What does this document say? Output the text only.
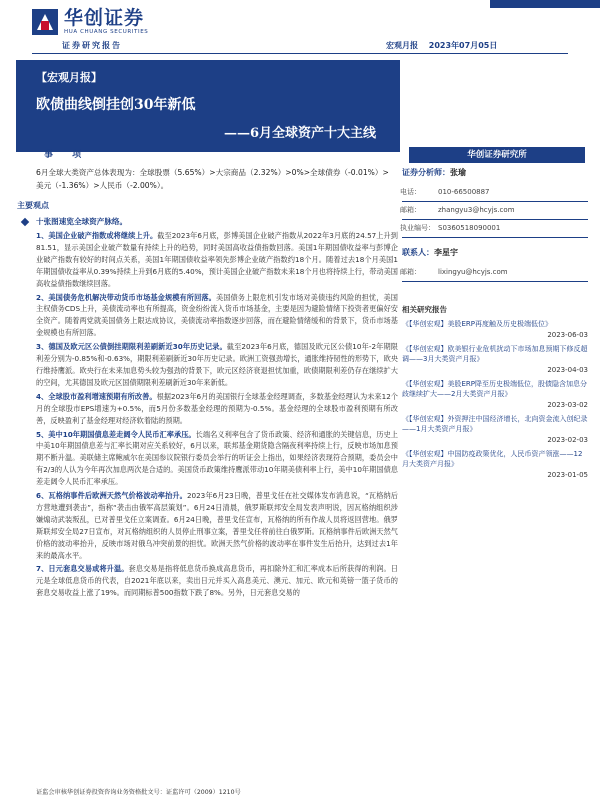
华创证券
HUA CHUANG SECURITIES
证券研究报告	宏观月报 2023年07月05日
【宏观月报】
欧债曲线倒挂创30年新低
——6月全球资产十大主线
事 项	华创证券研究所
6月全球大类资产总体表现为：全球股票（5.65%）>大宗商品（2.32%）>0%>全球债券（-0.01%）>美元（-1.36%）>人民币（-2.00%）。
主要观点
十张图速览全球资产脉络。
1、美国企业破产指数或将继续上升。截至2023年6月底，彭博美国企业破产指数从2022年3月底的24.57上升到81.51，显示美国企业破产数量有持续上升的趋势，同时美国高收益债指数回落。美国1年期国债收益率与彭博企业破产指数有较好的时间点关系，美国1年期国债收益率领先彭博企业破产指数约18个月。随着过去18个月美国1年期国债收益率从0.39%持续上升到6月底的5.40%，预计美国企业破产指数未来18个月也将持续上行，带动美国高收益债指数继续回落。
2、美国债务危机解决带动货币市场基金规模有所回落。美国债务上限危机引发市场对美债违约风险的担忧，美国主权债务CDS上升，美债流动率也有所提高，资金纷纷流入货币市场基金，主要是因为避险情绪下投资者更偏好安全资产。随着两党就美国债务上限达成协议，美债流动率指数逐步回落，而在避险情绪缓和的背景下，货币市场基金规模也有所回落。
3、德国及欧元区公债倒挂期限利差刷新近30年历史记录。截至2023年6月底，德国及欧元区公债10年-2年期限利差分别为-0.85%和-0.63%，期限利差刷新近30年历史记录。欧洲工资强劲增长，通胀维持韧性的形势下，欧央行维持鹰派。欧央行在未来加息势头较为强劲的背景下，欧元区经济衰退担忧加重，欧债期限利差仍存在继续扩大的空间，尤其德国及欧元区国债期限利差刷新近30年来新低。
4、全球股市盈利增速预期有所改善。根据2023年6月的美国银行全球基金经理调查，多数基金经理认为未来12个月的全球股市EPS增速为+0.5%，而5月份多数基金经理的预期为-0.5%。基金经理的全球股市盈利预期有所改善，反映盈利了基金经理对经济软着陆的预期。
5、美中10年期国债息差走阔令人民币汇率承压。长端名义利率包含了货币政策、经济和通胀的关键信息，历史上中美10年期国债息差与汇率长期对应关系较好，6月以来，联邦基金期货隐含隔夜利率持续上行，反映市场加息预期不断升温。美联储主席鲍威尔在美国参议院银行委员会举行的听证会上指出，如果经济表现符合预期，委员会中有2/3的人认为今年再次加息两次是合适的。美国货币政策维持鹰派带动10年期美债利率上行，美中10年期国债息差走阔令人民币汇率承压。
6、瓦格纳事件后欧洲天然气价格波动率抬升。2023年6月23日晚，普里戈任在社交媒体发布消息说，“瓦格纳后方营地遭到袭击”，指称“袭击由俄军高层策划”。6月24日清晨，俄罗斯联邦安全局发表声明说，因瓦格纳组织涉嫌煽动武装叛乱，已对普里戈任立案调查。6月24日晚，普里戈任宣布，瓦格纳的所有作战人员将返回营地。俄罗斯联邦安全局27日宣布，对瓦格纳组织的人员停止刑事立案，普里戈任将前往白俄罗斯。瓦格纳事件后欧洲天然气价格的波动率抬升，反映市场对俄乌冲突前景的担忧。欧洲天然气价格的波动率在事件发生后抬升，达到过去1年来的最高水平。
7、日元套息交易或将升温。套息交易是指将低息货币换成高息货币，再扣除外汇和汇率成本后所获得的利润。日元是全球低息货币的代表，自2021年底以来，卖出日元并买入高息美元、澳元、加元、欧元和英镑一篮子货币的套息交易收益上涨了19%。而同期标普500指数下跌了8%。另外，日元套息交易的
证券分析师：张瑜
电话：	010-66500887
邮箱：	zhangyu3@hcyjs.com
执业编号： S0360518090001
联系人：李星宇
邮箱：	lixingyu@hcyjs.com
相关研究报告
《【华创宏观】美股ERP再度触及历史极端低位》
2023-06-03
《【华创宏观】欧美银行业危机扰动下市场加息预期下修反超调——3月大类资产月报》
2023-04-03
《【华创宏观】美股ERP降至历史极端低位，股债隐含加息分歧继续扩大——2月大类资产月报》
2023-03-02
《【华创宏观】外资押注中国经济增长，北向资金流入创纪录——1月大类资产月报》
2023-02-03
《【华创宏观】中国防疫政策优化，人民币资产领涨——12月大类资产月报》
2023-01-05
证监会审核华创证券投资咨询业务资格批文号：证监许可（2009）1210号
